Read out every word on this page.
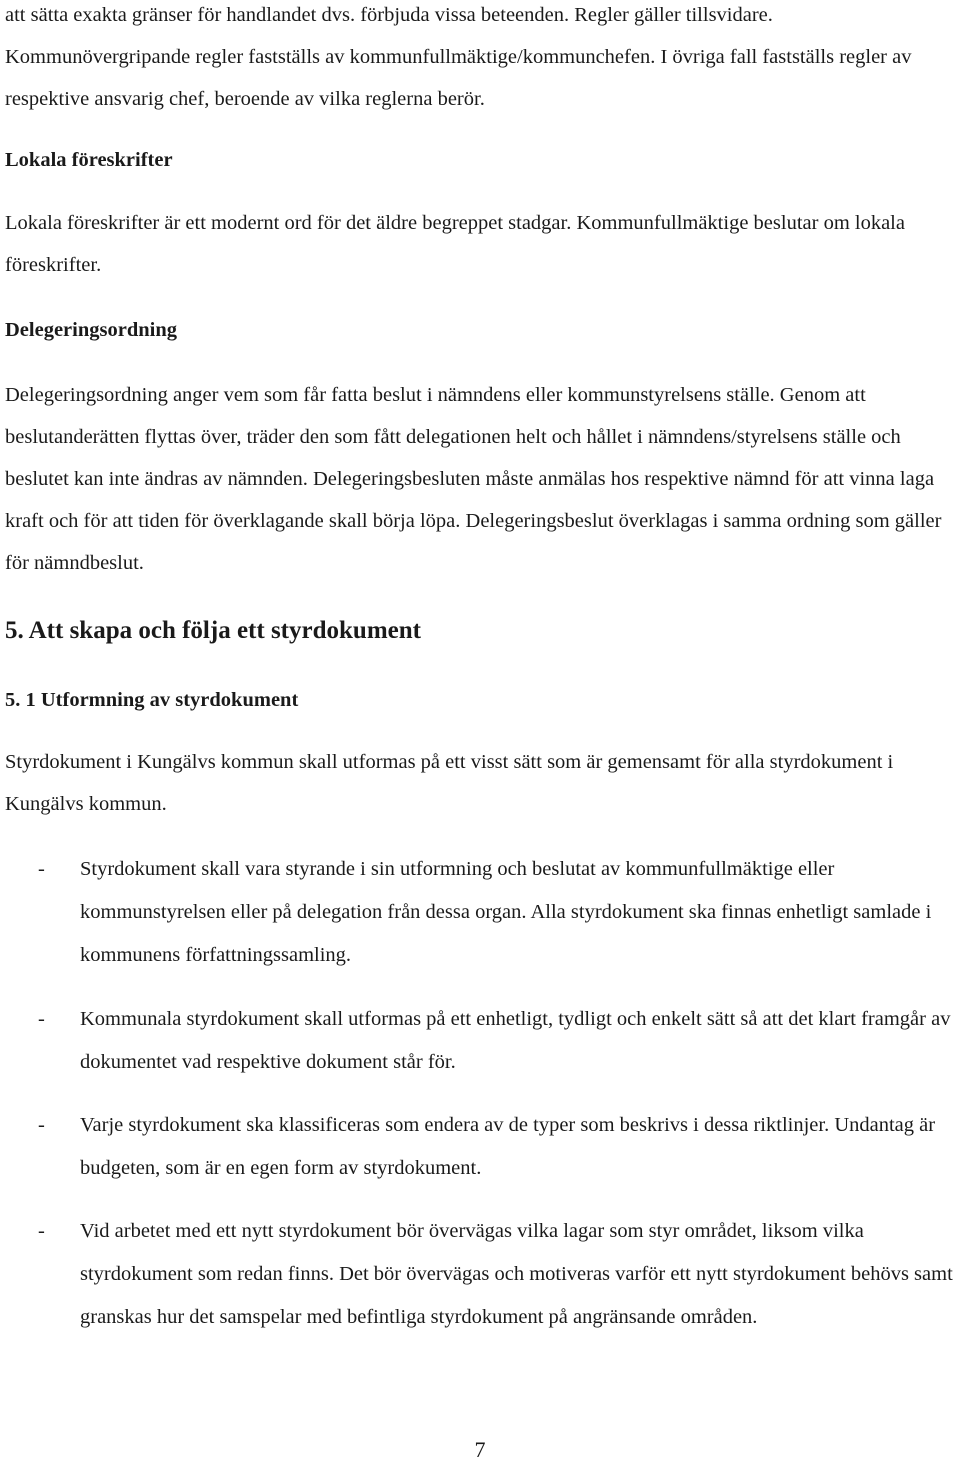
att sätta exakta gränser för handlandet dvs. förbjuda vissa beteenden. Regler gäller tillsvidare. Kommunövergripande regler fastställs av kommunfullmäktige/kommunchefen. I övriga fall fastställs regler av respektive ansvarig chef, beroende av vilka reglerna berör.

Lokala föreskrifter

Lokala föreskrifter är ett modernt ord för det äldre begreppet stadgar. Kommunfullmäktige beslutar om lokala föreskrifter.

Delegeringsordning

Delegeringsordning anger vem som får fatta beslut i nämndens eller kommunstyrelsens ställe. Genom att beslutanderätten flyttas över, träder den som fått delegationen helt och hållet i nämndens/styrelsens ställe och beslutet kan inte ändras av nämnden. Delegeringsbesluten måste anmälas hos respektive nämnd för att vinna laga kraft och för att tiden för överklagande skall börja löpa. Delegeringsbeslut överklagas i samma ordning som gäller för nämndbeslut.

5. Att skapa och följa ett styrdokument
5. 1 Utformning av styrdokument

Styrdokument i Kungälvs kommun skall utformas på ett visst sätt som är gemensamt för alla styrdokument i Kungälvs kommun.

- Styrdokument skall vara styrande i sin utformning och beslutat av kommunfullmäktige eller kommunstyrelsen eller på delegation från dessa organ. Alla styrdokument ska finnas enhetligt samlade i kommunens författningssamling.
- Kommunala styrdokument skall utformas på ett enhetligt, tydligt och enkelt sätt så att det klart framgår av dokumentet vad respektive dokument står för.
- Varje styrdokument ska klassificeras som endera av de typer som beskrivs i dessa riktlinjer. Undantag är budgeten, som är en egen form av styrdokument.
- Vid arbetet med ett nytt styrdokument bör övervägas vilka lagar som styr området, liksom vilka styrdokument som redan finns. Det bör övervägas och motiveras varför ett nytt styrdokument behövs samt granskas hur det samspelar med befintliga styrdokument på angränsande områden.
7
